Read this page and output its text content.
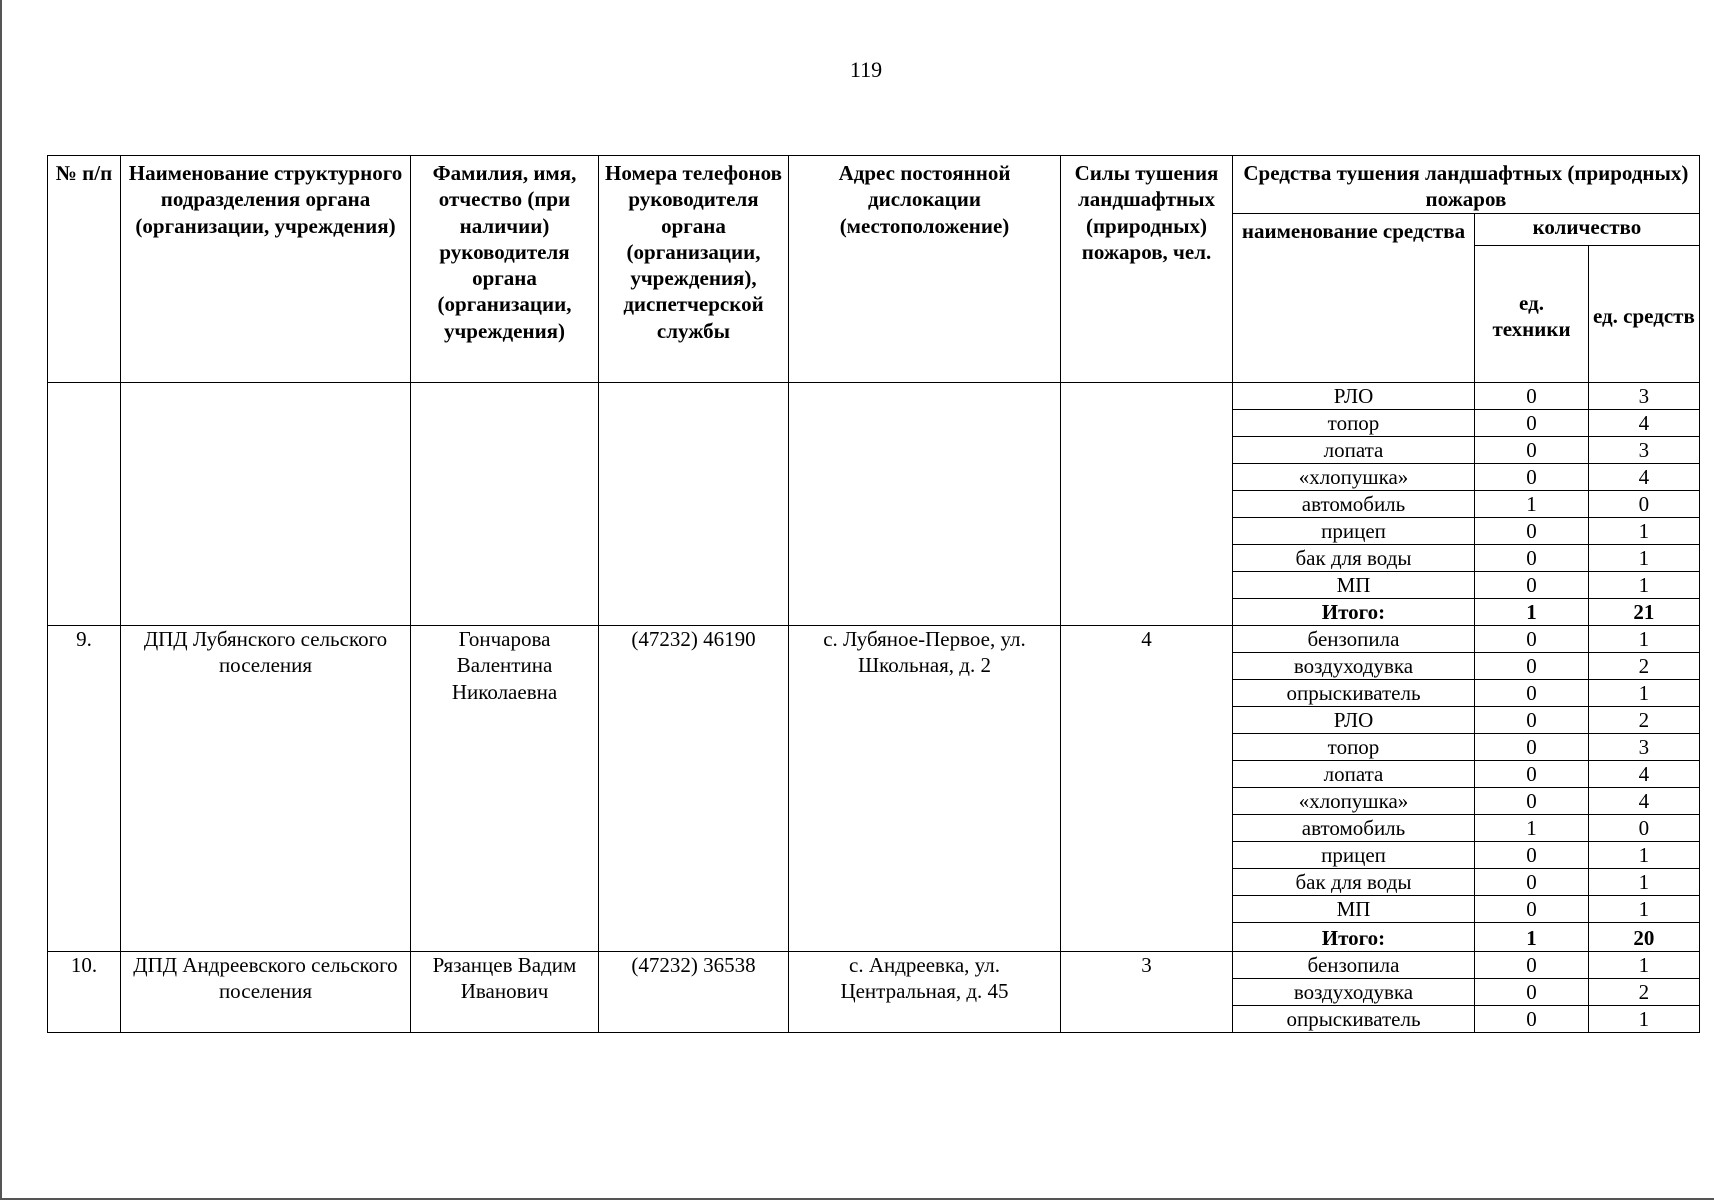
119
№ п/п	Наименование структурного подразделения органа (организации, учреждения)	Фамилия, имя, отчество (при наличии) руководителя органа (организации, учреждения)	Номера телефонов руководителя органа (организации, учреждения), диспетчерской службы	Адрес постоянной дислокации (местоположение)	Силы тушения ландшафтных (природных) пожаров, чел.	Средства тушения ландшафтных (природных) пожаров		
						наименование средства	количество	
							ед. техники	ед. средств
						РЛО	0	3
						топор	0	4
						лопата	0	3
						«хлопушка»	0	4
						автомобиль	1	0
						прицеп	0	1
						бак для воды	0	1
						МП	0	1
						Итого:	1	21
9.	ДПД Лубянского сельского поселения	Гончарова Валентина Николаевна	(47232) 46190	с. Лубяное-Первое, ул. Школьная, д. 2	4	бензопила	0	1
						воздуходувка	0	2
						опрыскиватель	0	1
						РЛО	0	2
						топор	0	3
						лопата	0	4
						«хлопушка»	0	4
						автомобиль	1	0
						прицеп	0	1
						бак для воды	0	1
						МП	0	1
						Итого:	1	20

10.	ДПД Андреевского сельского поселения	Рязанцев Вадим Иванович	(47232) 36538	с. Андреевка, ул. Центральная, д. 45	3	бензопила	0	1
						воздуходувка	0	2
						опрыскиватель	0	1
